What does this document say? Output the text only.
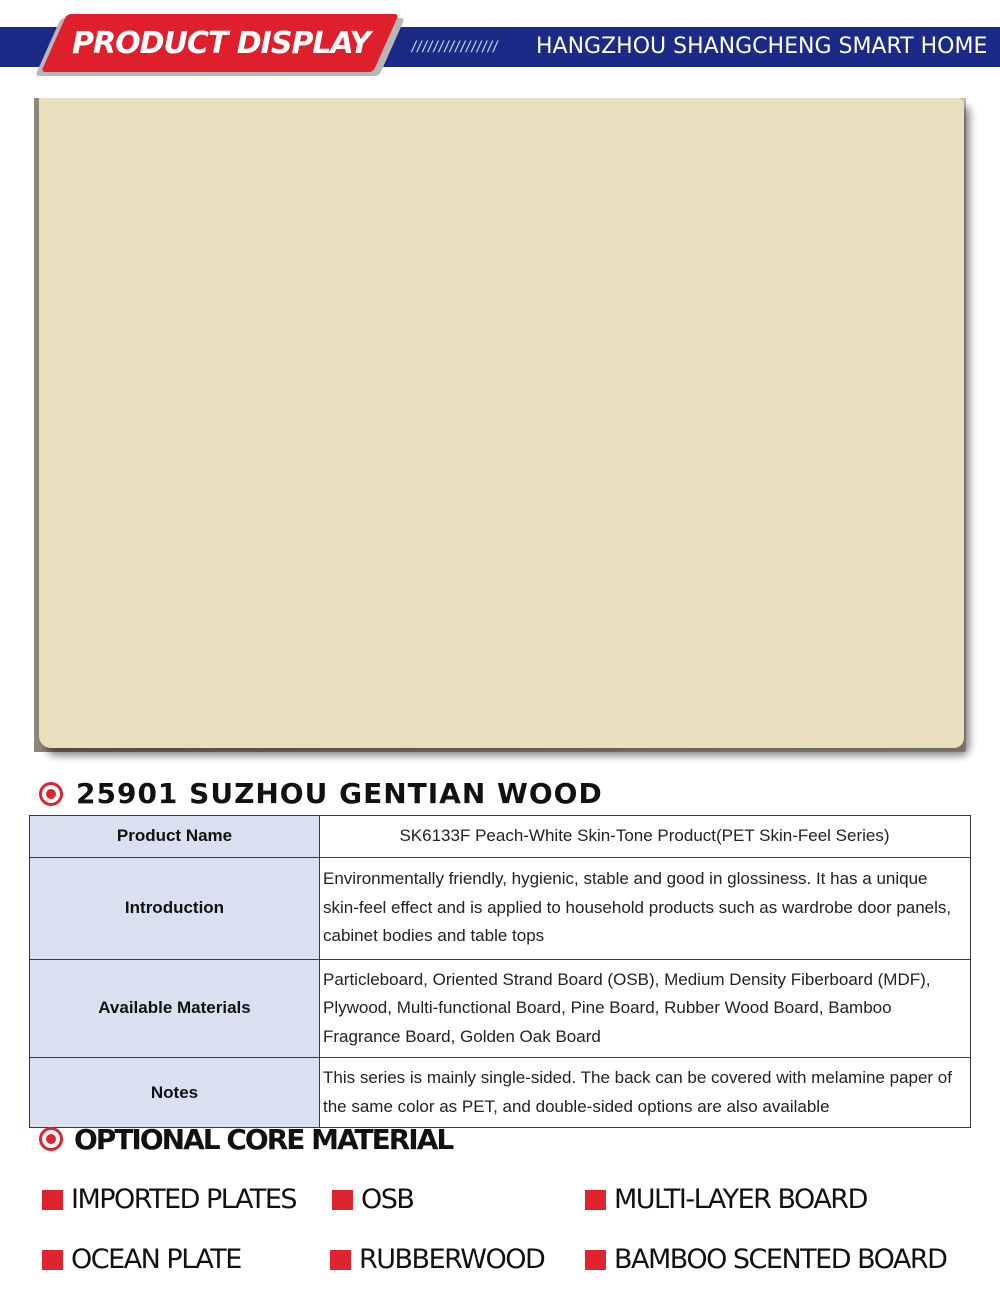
PRODUCT DISPLAY	////////////////	HANGZHOU SHANGCHENG SMART HOME
25901 SUZHOU GENTIAN WOOD
Product Name	SK6133F Peach-White Skin-Tone Product(PET Skin-Feel Series)
Introduction	Environmentally friendly, hygienic, stable and good in glossiness. It has a unique skin-feel effect and is applied to household products such as wardrobe door panels, cabinet bodies and table tops
Available Materials	Particleboard, Oriented Strand Board (OSB), Medium Density Fiberboard (MDF), Plywood, Multi-functional Board, Pine Board, Rubber Wood Board, Bamboo Fragrance Board, Golden Oak Board
Notes	This series is mainly single-sided. The back can be covered with melamine paper of the same color as PET, and double-sided options are also available
OPTIONAL CORE MATERIAL
IMPORTED PLATES OSB	MULTI-LAYER BOARD
OCEAN PLATE	RUBBERWOOD	BAMBOO SCENTED BOARD
